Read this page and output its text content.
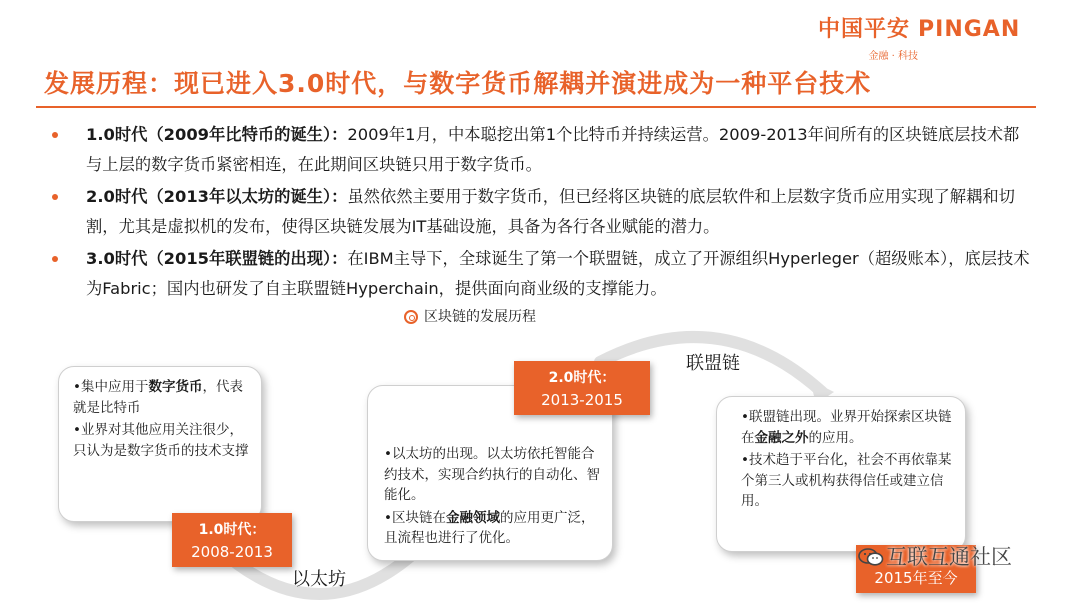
中国平安 PINGAN
金融 · 科技
发展历程：现已进入3.0时代，与数字货币解耦并演进成为一种平台技术
1.0时代（2009年比特币的诞生）：2009年1月，中本聪挖出第1个比特币并持续运营。2009-2013年间所有的区块链底层技术都与上层的数字货币紧密相连，在此期间区块链只用于数字货币。
2.0时代（2013年以太坊的诞生）：虽然依然主要用于数字货币，但已经将区块链的底层软件和上层数字货币应用实现了解耦和切割，尤其是虚拟机的发布，使得区块链发展为IT基础设施，具备为各行各业赋能的潜力。
3.0时代（2015年联盟链的出现）：在IBM主导下，全球诞生了第一个联盟链，成立了开源组织Hyperleger（超级账本），底层技术为Fabric；国内也研发了自主联盟链Hyperchain，提供面向商业级的支撑能力。
区块链的发展历程
•集中应用于数字货币，代表就是比特币
•业界对其他应用关注很少，只认为是数字货币的技术支撑	•以太坊的出现。以太坊依托智能合约技术，实现合约执行的自动化、智能化。
•区块链在金融领域的应用更广泛，且流程也进行了优化。
•联盟链出现。业界开始探索区块链在金融之外的应用。
•技术趋于平台化，社会不再依靠某个第三人或机构获得信任或建立信用。
1.0时代：
2008-2013
2.0时代：
2013-2015
2015年至今
以太坊
联盟链
互联互通社区
